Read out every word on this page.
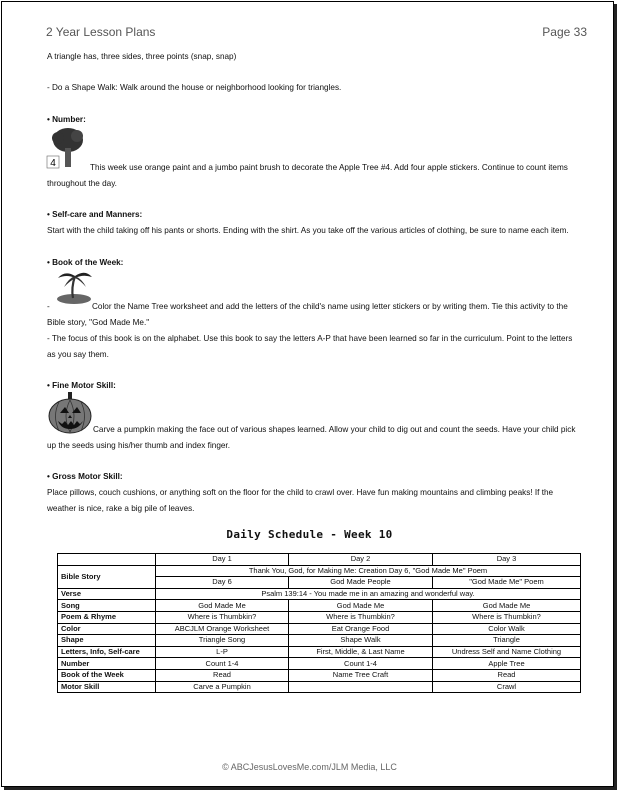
2 Year Lesson Plans	Page 33
A triangle has, three sides, three points (snap, snap)
- Do a Shape Walk: Walk around the house or neighborhood looking for triangles.
• Number:
4	This week use orange paint and a jumbo paint brush to decorate the Apple Tree #4. Add four apple stickers. Continue to count items
throughout the day.
• Self-care and Manners:
Start with the child taking off his pants or shorts. Ending with the shirt. As you take off the various articles of clothing, be sure to name each item.
• Book of the Week:
-	Color the Name Tree worksheet and add the letters of the child's name using letter stickers or by writing them. Tie this activity to the
Bible story, "God Made Me."
- The focus of this book is on the alphabet. Use this book to say the letters A-P that have been learned so far in the curriculum. Point to the letters
as you say them.
• Fine Motor Skill:
Carve a pumpkin making the face out of various shapes learned. Allow your child to dig out and count the seeds. Have your child pick
up the seeds using his/her thumb and index finger.
• Gross Motor Skill:
Place pillows, couch cushions, or anything soft on the floor for the child to crawl over. Have fun making mountains and climbing peaks! If the
weather is nice, rake a big pile of leaves.
Daily Schedule - Week 10
	Day 1	Day 2	Day 3
Bible Story	Thank You, God, for Making Me: Creation Day 6, "God Made Me" Poem		
	Day 6	God Made People	"God Made Me" Poem
Verse	Psalm 139:14 - You made me in an amazing and wonderful way.		
Song	God Made Me	God Made Me	God Made Me
Poem & Rhyme	Where is Thumbkin?	Where is Thumbkin?	Where is Thumbkin?
Color	ABCJLM Orange Worksheet	Eat Orange Food	Color Walk
Shape	Triangle Song	Shape Walk	Triangle
Letters, Info, Self-care	L-P	First, Middle, & Last Name	Undress Self and Name Clothing
Number	Count 1-4	Count 1-4	Apple Tree
Book of the Week	Read	Name Tree Craft	Read
Motor Skill	Carve a Pumpkin		Crawl
© ABCJesusLovesMe.com/JLM Media, LLC
